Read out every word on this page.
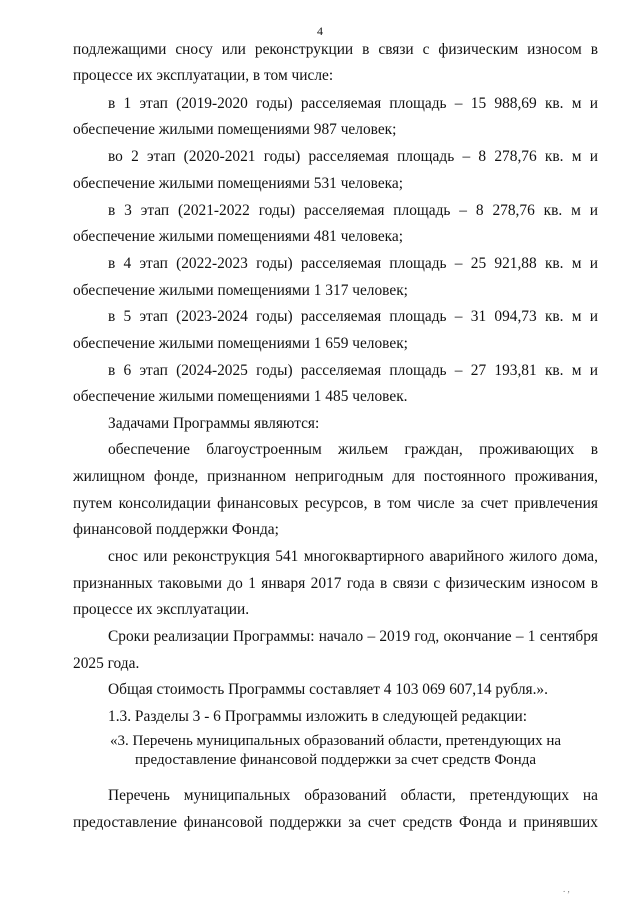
4
подлежащими сносу или реконструкции в связи с физическим износом в
процессе их эксплуатации, в том числе:
в 1 этап (2019-2020 годы) расселяемая площадь – 15 988,69 кв. м и
обеспечение жилыми помещениями 987 человек;
во 2 этап (2020-2021 годы) расселяемая площадь – 8 278,76 кв. м и
обеспечение жилыми помещениями 531 человека;
в 3 этап (2021-2022 годы) расселяемая площадь – 8 278,76 кв. м и
обеспечение жилыми помещениями 481 человека;
в 4 этап (2022-2023 годы) расселяемая площадь – 25 921,88 кв. м и
обеспечение жилыми помещениями 1 317 человек;
в 5 этап (2023-2024 годы) расселяемая площадь – 31 094,73 кв. м и
обеспечение жилыми помещениями 1 659 человек;
в 6 этап (2024-2025 годы) расселяемая площадь – 27 193,81 кв. м и
обеспечение жилыми помещениями 1 485 человек.
Задачами Программы являются:
обеспечение благоустроенным жильем граждан, проживающих в
жилищном фонде, признанном непригодным для постоянного проживания,
путем консолидации финансовых ресурсов, в том числе за счет привлечения
финансовой поддержки Фонда;
снос или реконструкция 541 многоквартирного аварийного жилого дома,
признанных таковыми до 1 января 2017 года в связи с физическим износом в
процессе их эксплуатации.
Сроки реализации Программы: начало – 2019 год, окончание – 1 сентября
2025 года.
Общая стоимость Программы составляет 4 103 069 607,14 рубля.».
1.3. Разделы 3 - 6 Программы изложить в следующей редакции:
«3. Перечень муниципальных образований области, претендующих на
предоставление финансовой поддержки за счет средств Фонда
Перечень муниципальных образований области, претендующих на
предоставление финансовой поддержки за счет средств Фонда и принявших
. ,
